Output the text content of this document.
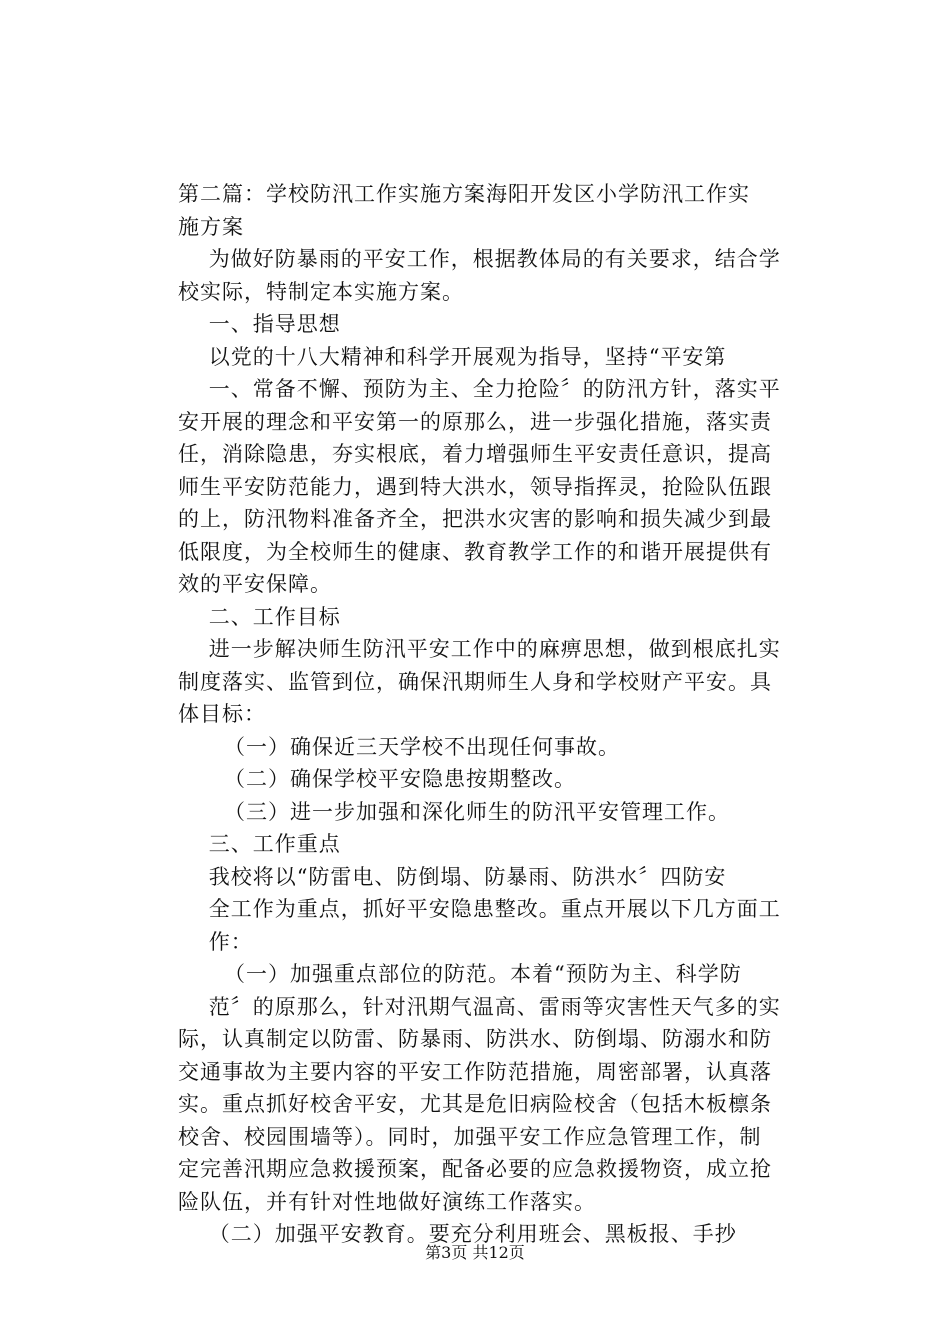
第二篇：学校防汛工作实施方案海阳开发区小学防汛工作实
施方案
为做好防暴雨的平安工作，根据教体局的有关要求，结合学
校实际，特制定本实施方案。
一、指导思想
以党的十八大精神和科学开展观为指导，坚持“平安第
一、常备不懈、预防为主、全力抢险〞的防汛方针，落实平
安开展的理念和平安第一的原那么，进一步强化措施，落实责
任，消除隐患，夯实根底，着力增强师生平安责任意识，提高
师生平安防范能力，遇到特大洪水，领导指挥灵，抢险队伍跟
的上，防汛物料准备齐全，把洪水灾害的影响和损失减少到最
低限度，为全校师生的健康、教育教学工作的和谐开展提供有
效的平安保障。
二、工作目标
进一步解决师生防汛平安工作中的麻痹思想，做到根底扎实
制度落实、监管到位，确保汛期师生人身和学校财产平安。具
体目标：
（一）确保近三天学校不出现任何事故。
（二）确保学校平安隐患按期整改。
（三）进一步加强和深化师生的防汛平安管理工作。
三、工作重点
我校将以“防雷电、防倒塌、防暴雨、防洪水〞四防安
全工作为重点，抓好平安隐患整改。重点开展以下几方面工
作：
（一）加强重点部位的防范。本着“预防为主、科学防
范〞的原那么，针对汛期气温高、雷雨等灾害性天气多的实
际，认真制定以防雷、防暴雨、防洪水、防倒塌、防溺水和防
交通事故为主要内容的平安工作防范措施，周密部署，认真落
实。重点抓好校舍平安，尤其是危旧病险校舍（包括木板檩条
校舍、校园围墙等）。同时，加强平安工作应急管理工作，制
定完善汛期应急救援预案，配备必要的应急救援物资，成立抢
险队伍，并有针对性地做好演练工作落实。
（二）加强平安教育。要充分利用班会、黑板报、手抄
第3页 共12页
